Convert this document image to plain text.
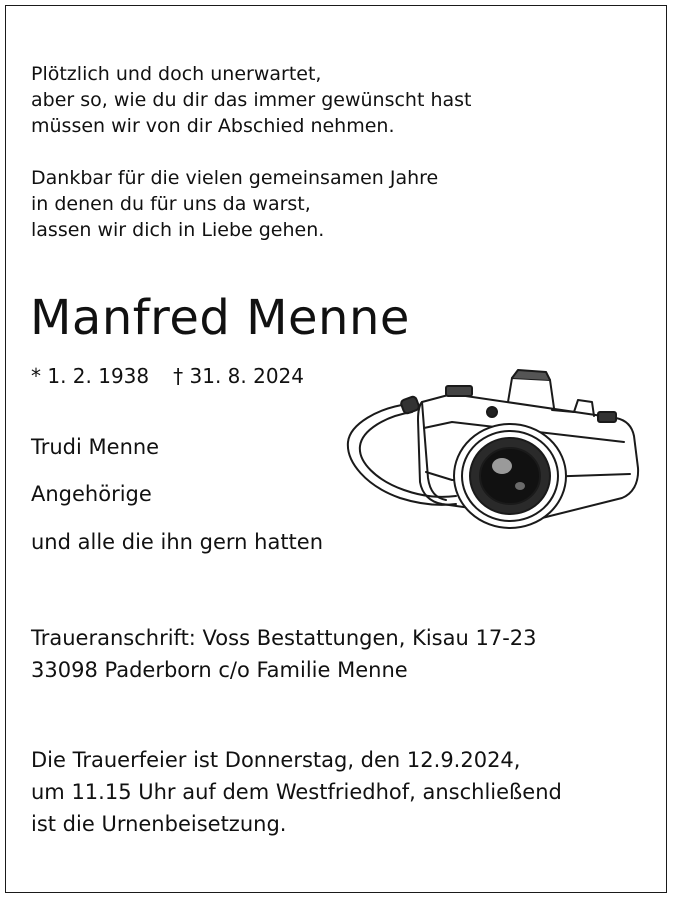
Plötzlich und doch unerwartet,
aber so, wie du dir das immer gewünscht hast
müssen wir von dir Abschied nehmen.
Dankbar für die vielen gemeinsamen Jahre
in denen du für uns da warst,
lassen wir dich in Liebe gehen.
Manfred Menne
* 1. 2. 1938 † 31. 8. 2024
Trudi Menne
Angehörige
und alle die ihn gern hatten
Traueranschrift: Voss Bestattungen, Kisau 17-23
33098 Paderborn c/o Familie Menne
Die Trauerfeier ist Donnerstag, den 12.9.2024,
um 11.15 Uhr auf dem Westfriedhof, anschließend
ist die Urnenbeisetzung.
